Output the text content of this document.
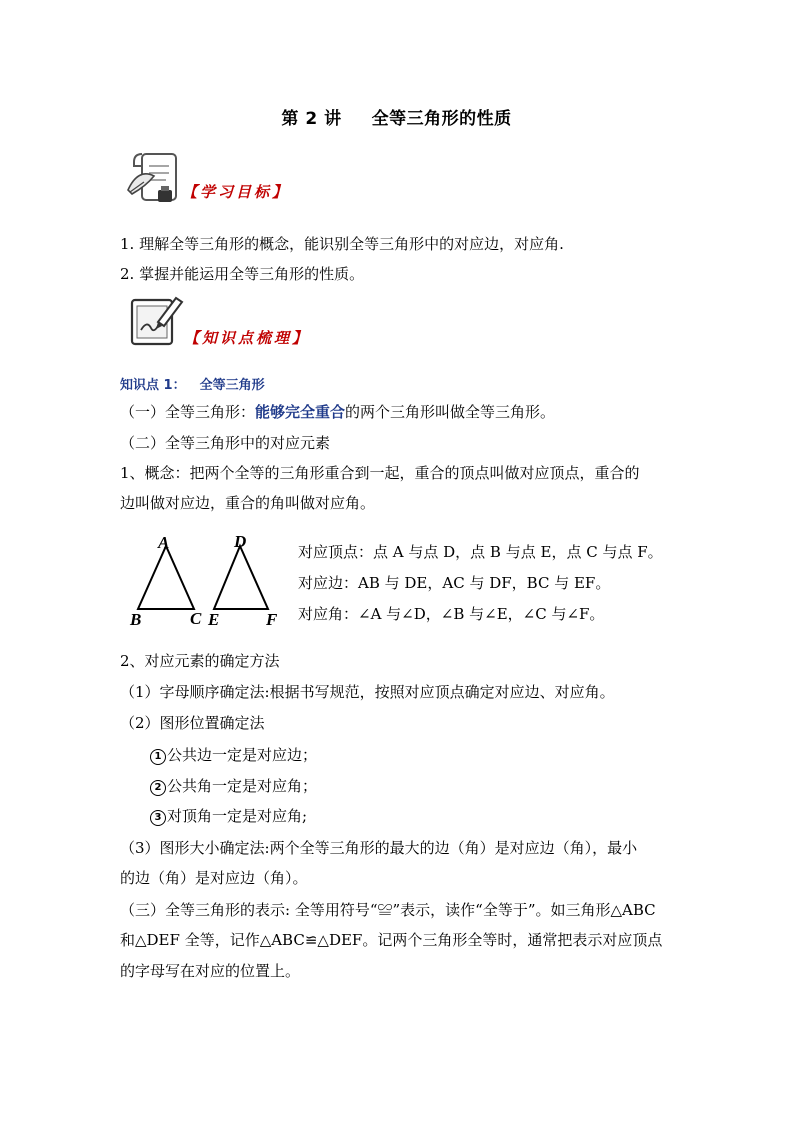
第 2 讲 全等三角形的性质
【学习目标】
1. 理解全等三角形的概念，能识别全等三角形中的对应边，对应角.
2. 掌握并能运用全等三角形的性质。
【知识点梳理】
知识点 1： 全等三角形
（一）全等三角形：能够完全重合的两个三角形叫做全等三角形。
（二）全等三角形中的对应元素
1、概念：把两个全等的三角形重合到一起，重合的顶点叫做对应顶点，重合的
边叫做对应边，重合的角叫做对应角。
A
B	C
D
E	F
对应顶点：点 A 与点 D，点 B 与点 E，点 C 与点 F。
对应边：AB 与 DE，AC 与 DF，BC 与 EF。
对应角：∠A 与∠D，∠B 与∠E，∠C 与∠F。
2、对应元素的确定方法
（1）字母顺序确定法:根据书写规范，按照对应顶点确定对应边、对应角。
（2）图形位置确定法
1 公共边一定是对应边；
2 公共角一定是对应角；
3 对顶角一定是对应角;
（3）图形大小确定法:两个全等三角形的最大的边（角）是对应边（角），最小
的边（角）是对应边（角）。
（三）全等三角形的表示: 全等用符号“≌”表示，读作“全等于”。如三角形△ABC
和△DEF 全等，记作△ABC≌△DEF。记两个三角形全等时，通常把表示对应顶点
的字母写在对应的位置上。
